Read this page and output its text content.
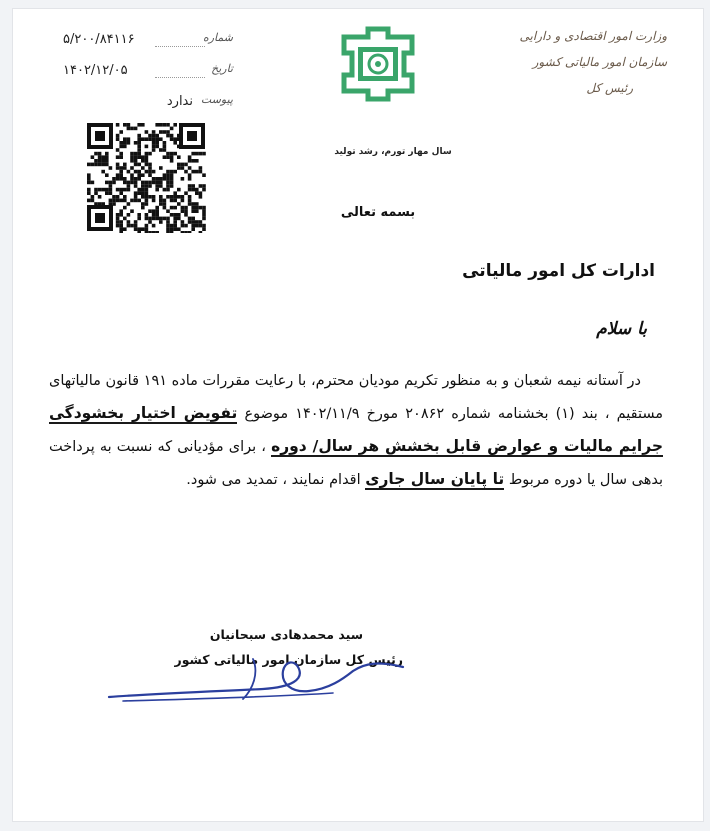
شماره
۵/۲۰۰/۸۴۱۱۶
تاریخ
۱۴۰۲/۱۲/۰۵
پیوست
ندارد
وزارت امور اقتصادی و دارایی
سازمان امور مالیاتی کشور
رئیس کل
سال مهار تورم، رشد تولید
بسمه تعالی
ادارات کل امور مالیاتی
با سلام
در آستانه نیمه شعبان و به منظور تکریم مودیان محترم، با رعایت مقررات ماده ۱۹۱ قانون مالیاتهای مستقیم ، بند (۱) بخشنامه شماره ۲۰۸۶۲ مورخ ۱۴۰۲/۱۱/۹ موضوع تفویض اختیار بخشودگی جرایم مالیات و عوارض قابل بخشش هر سال/ دوره ، برای مؤدیانی که نسبت به پرداخت بدهی سال یا دوره مربوط تا پایان سال جاری اقدام نمایند ، تمدید می شود.
سید محمدهادی سبحانیان
رئیس کل سازمان امور مالیاتی کشور
